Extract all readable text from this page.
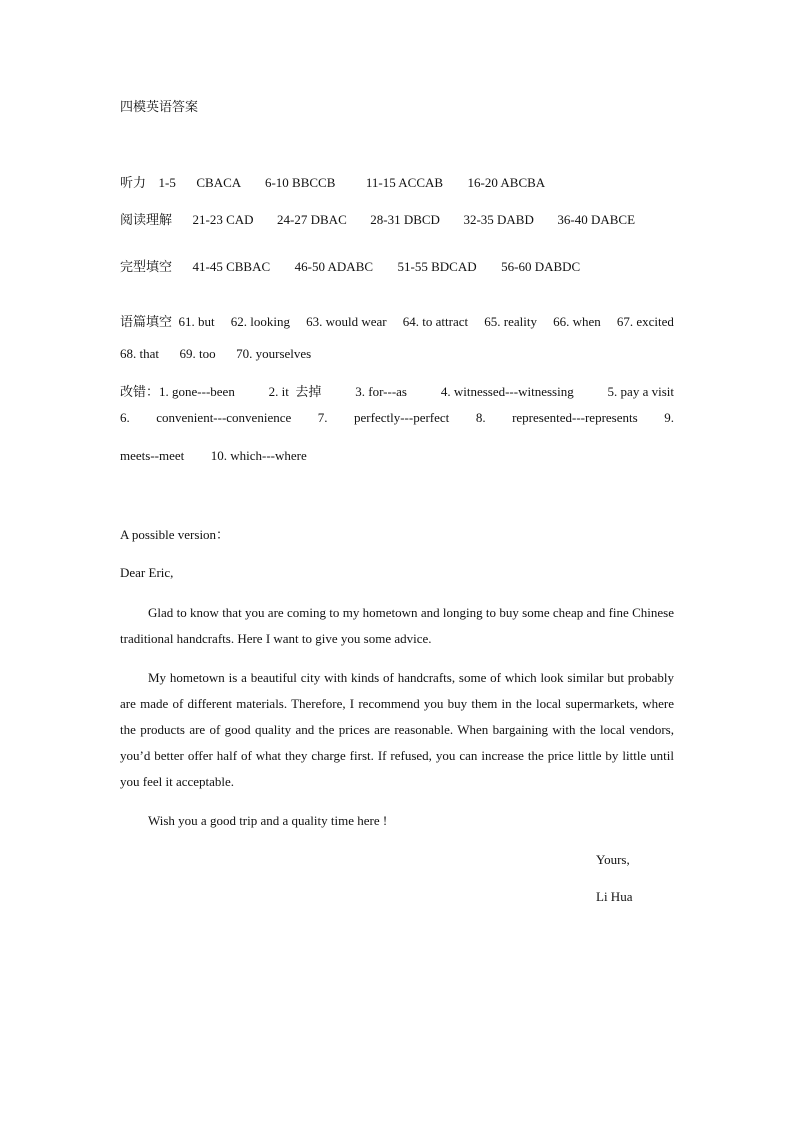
四模英语答案
听力 1-5 CBACA 6-10 BBCCB 11-15 ACCAB 16-20 ABCBA
阅读理解 21-23 CAD 24-27 DBAC 28-31 DBCD 32-35 DABD 36-40 DABCE
完型填空 41-45 CBBAC 46-50 ADABC 51-55 BDCAD 56-60 DABDC
语篇填空 61. but 62. looking 63. would wear 64. to attract 65. reality 66. when 67. excited
68. that 69. too 70. yourselves
改错：1. gone---been	2. it 去掉	3. for---as	4. witnessed---witnessing	5. pay a visit
6. convenient---convenience 7. perfectly---perfect 8. represented---represents 9.
meets--meet 10. which---where
A possible version：
Dear Eric,
Glad to know that you are coming to my hometown and longing to buy some cheap and fine Chinese traditional handcrafts. Here I want to give you some advice.
My hometown is a beautiful city with kinds of handcrafts, some of which look similar but probably are made of different materials. Therefore, I recommend you buy them in the local supermarkets, where the products are of good quality and the prices are reasonable. When bargaining with the local vendors, you’d better offer half of what they charge first. If refused, you can increase the price little by little until you feel it acceptable.
Wish you a good trip and a quality time here !
Yours,
Li Hua
